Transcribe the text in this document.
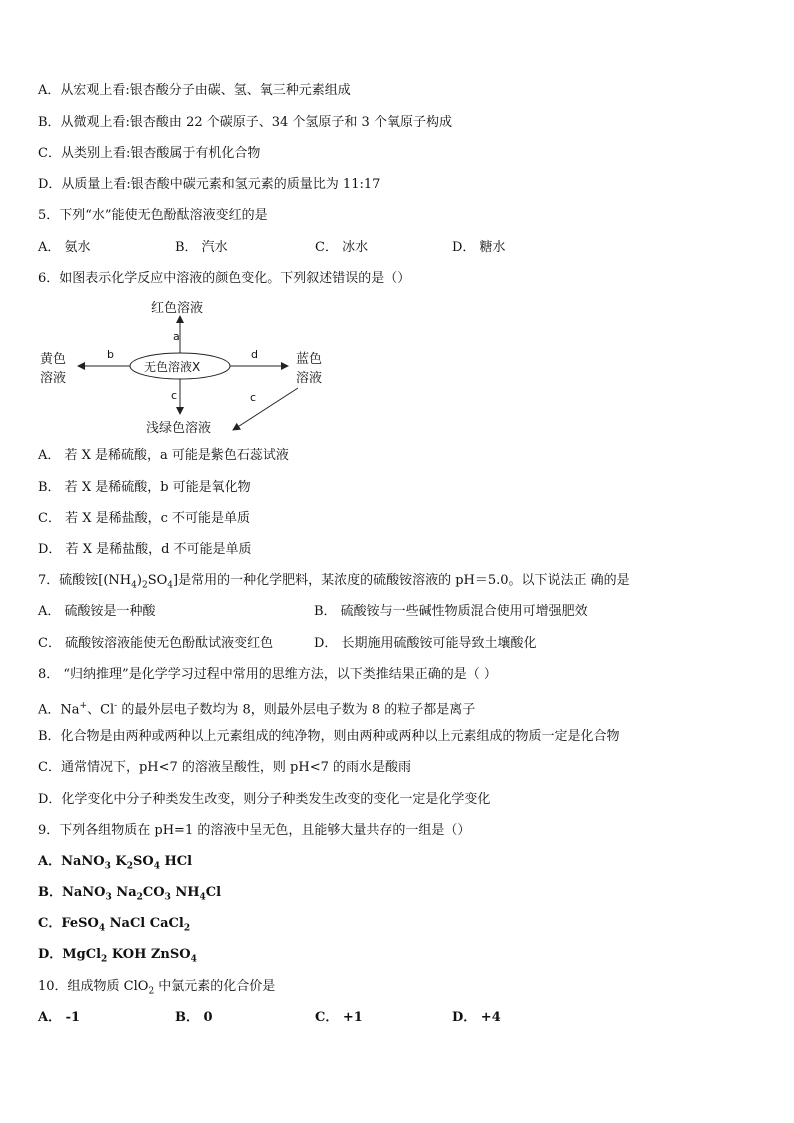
A．从宏观上看:银杏酸分子由碳、氢、氧三种元素组成
B．从微观上看:银杏酸由 22 个碳原子、34 个氢原子和 3 个氧原子构成
C．从类别上看:银杏酸属于有机化合物
D．从质量上看:银杏酸中碳元素和氢元素的质量比为 11:17
5．下列“水”能使无色酚酞溶液变红的是
A． 氨水	B． 汽水	C． 冰水	D． 糖水
6．如图表示化学反应中溶液的颜色变化。下列叙述错误的是（）
红色溶液
无色溶液X
黄色
溶液
蓝色
溶液
浅绿色溶液
a
b	d
c	c
A． 若 X 是稀硫酸，a 可能是紫色石蕊试液
B． 若 X 是稀硫酸，b 可能是氧化物
C． 若 X 是稀盐酸，c 不可能是单质
D． 若 X 是稀盐酸，d 不可能是单质
7．硫酸铵$[(NH_4)_2SO_4]$是常用的一种化学肥料，某浓度的硫酸铵溶液的 pH＝5.0。以下说法正 确的是
A． 硫酸铵是一种酸	B． 硫酸铵与一些碱性物质混合使用可增强肥效
C． 硫酸铵溶液能使无色酚酞试液变红色	D． 长期施用硫酸铵可能导致土壤酸化
8． “归纳推理”是化学学习过程中常用的思维方法，以下类推结果正确的是（ ）
A．Na+、Cl- 的最外层电子数均为 8，则最外层电子数为 8 的粒子都是离子
B．化合物是由两种或两种以上元素组成的纯净物，则由两种或两种以上元素组成的物质一定是化合物
C．通常情况下，pH<7 的溶液呈酸性，则 pH<7 的雨水是酸雨
D．化学变化中分子种类发生改变，则分子种类发生改变的变化一定是化学变化
9．下列各组物质在 pH=1 的溶液中呈无色，且能够大量共存的一组是（）
A．NaNO$_3$ $K_2SO_4$ HCl
B．NaNO$_3$ $Na_2CO_3$ $NH_4Cl$
C．FeSO$_4$ NaCl CaCl$_2$
D．MgCl$_2$ KOH ZnSO$_4$
10．组成物质 ClO$_2$ 中氯元素的化合价是
A． -1	B． 0	C． +1	D． +4
